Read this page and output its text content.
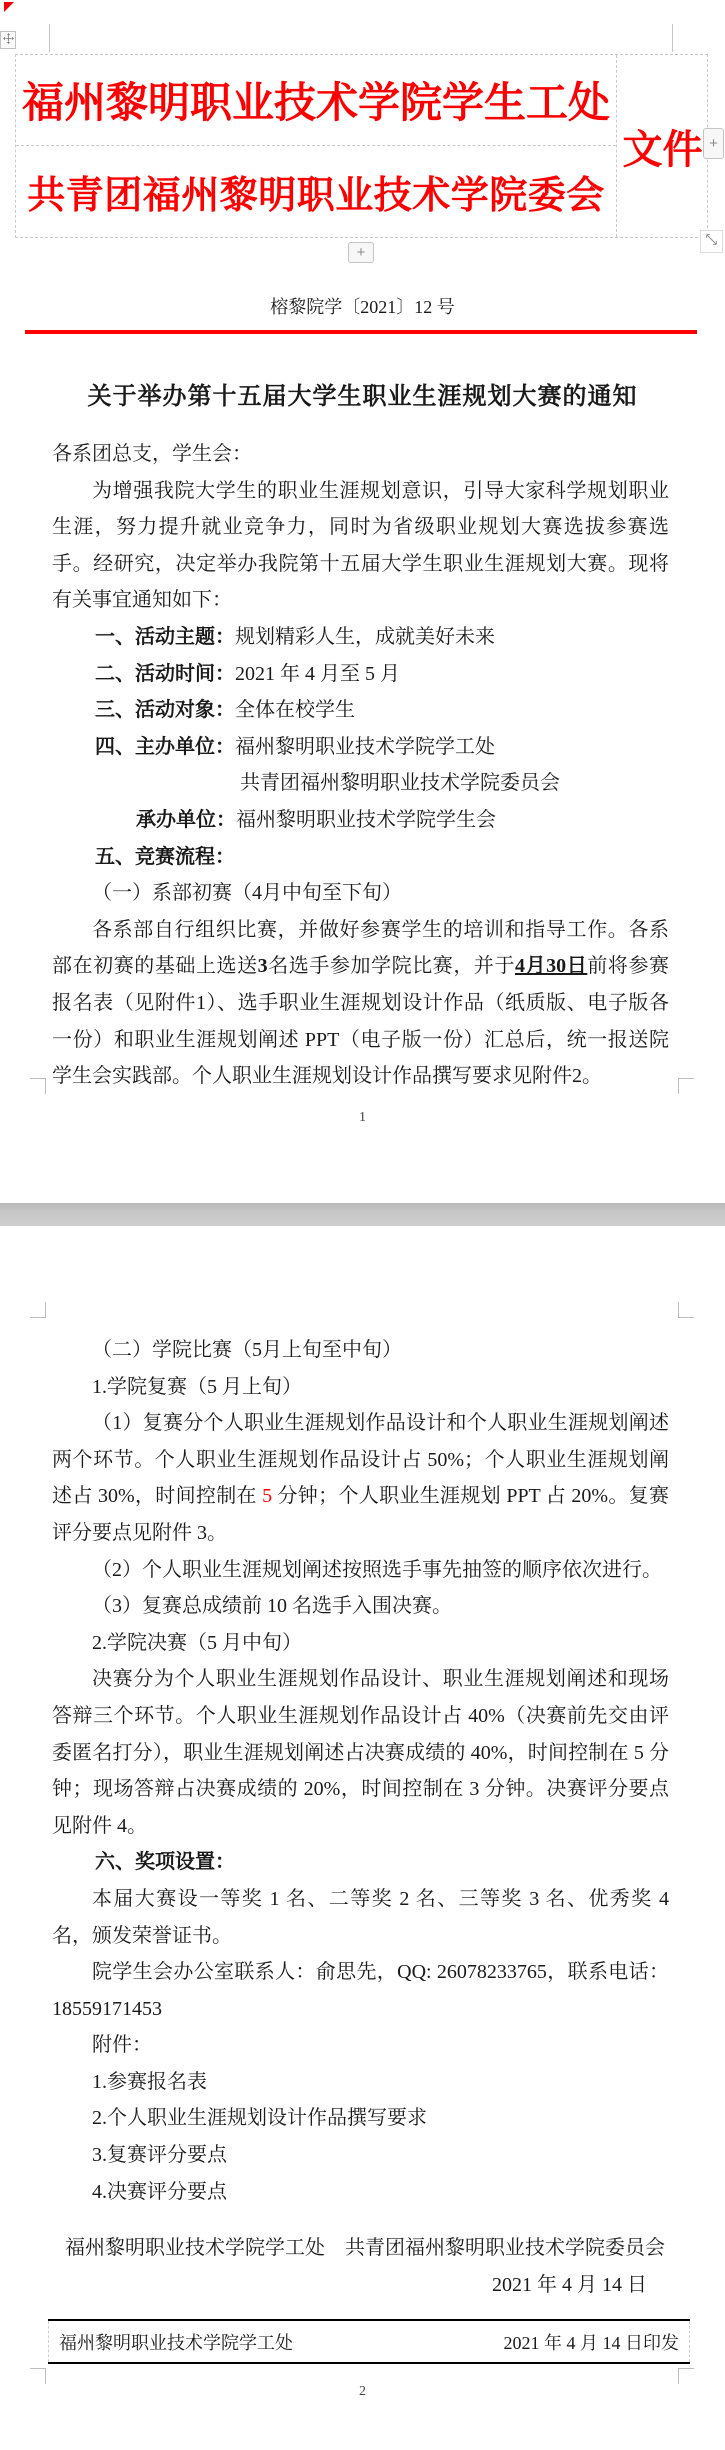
福州黎明职业技术学院学生工处
共青团福州黎明职业技术学院委会
文件 +
+
榕黎院学〔2021〕12 号
关于举办第十五届大学生职业生涯规划大赛的通知

各系团总支，学生会：

为增强我院大学生的职业生涯规划意识，引导大家科学规划职业生涯，努力提升就业竞争力，同时为省级职业规划大赛选拔参赛选手。经研究，决定举办我院第十五届大学生职业生涯规划大赛。现将有关事宜通知如下：

一、活动主题：规划精彩人生，成就美好未来

二、活动时间：2021 年 4 月至 5 月

三、活动对象：全体在校学生

四、主办单位：福州黎明职业技术学院学工处

共青团福州黎明职业技术学院委员会

承办单位：福州黎明职业技术学院学生会

五、竞赛流程：

（一）系部初赛（4月中旬至下旬）

各系部自行组织比赛，并做好参赛学生的培训和指导工作。各系部在初赛的基础上选送3名选手参加学院比赛，并于4月30日前将参赛报名表（见附件1）、选手职业生涯规划设计作品（纸质版、电子版各一份）和职业生涯规划阐述 PPT（电子版一份）汇总后，统一报送院学生会实践部。个人职业生涯规划设计作品撰写要求见附件2。

1

（二）学院比赛（5月上旬至中旬）

1.学院复赛（5 月上旬）

（1）复赛分个人职业生涯规划作品设计和个人职业生涯规划阐述两个环节。个人职业生涯规划作品设计占 50%；个人职业生涯规划阐述占 30%，时间控制在 5 分钟；个人职业生涯规划 PPT 占 20%。复赛评分要点见附件 3。

（2）个人职业生涯规划阐述按照选手事先抽签的顺序依次进行。

（3）复赛总成绩前 10 名选手入围决赛。

2.学院决赛（5 月中旬）

决赛分为个人职业生涯规划作品设计、职业生涯规划阐述和现场答辩三个环节。个人职业生涯规划作品设计占 40%（决赛前先交由评委匿名打分），职业生涯规划阐述占决赛成绩的 40%，时间控制在 5 分钟；现场答辩占决赛成绩的 20%，时间控制在 3 分钟。决赛评分要点见附件 4。

六、奖项设置：

本届大赛设一等奖 1 名、二等奖 2 名、三等奖 3 名、优秀奖 4 名，颁发荣誉证书。

院学生会办公室联系人：俞思先，QQ: 26078233765，联系电话：18559171453

附件：

1.参赛报名表

2.个人职业生涯规划设计作品撰写要求

3.复赛评分要点

4.决赛评分要点

福州黎明职业技术学院学工处 共青团福州黎明职业技术学院委员会

2021 年 4 月 14 日

福州黎明职业技术学院学工处	2021 年 4 月 14 日印发
2
